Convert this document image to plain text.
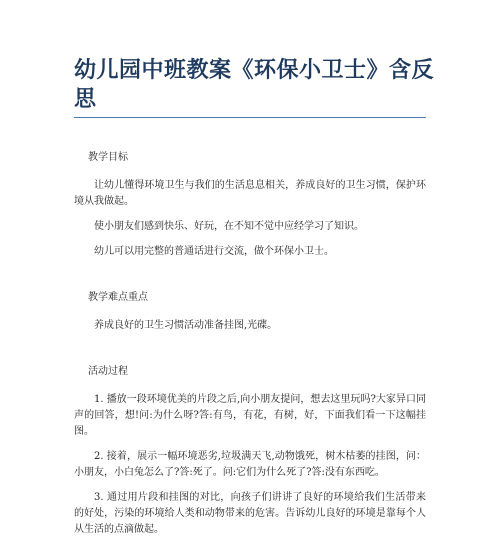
幼儿园中班教案《环保小卫士》含反思

教学目标

让幼儿懂得环境卫生与我们的生活息息相关，养成良好的卫生习惯，保护环境从我做起。

使小朋友们感到快乐、好玩，在不知不觉中应经学习了知识。

幼儿可以用完整的普通话进行交流，做个环保小卫士。

教学难点重点

养成良好的卫生习惯活动准备挂图,光碟。

活动过程

1. 播放一段环境优美的片段之后,向小朋友提问，想去这里玩吗?大家异口同声的回答，想!问:为什么呀?答:有鸟，有花，有树，好，下面我们看一下这幅挂图。

2. 接着，展示一幅环境恶劣,垃圾满天飞,动物饿死，树木枯萎的挂图，问：小朋友，小白兔怎么了?答:死了。问:它们为什么死了?答:没有东西吃。

3. 通过用片段和挂图的对比，向孩子们讲讲了良好的环境给我们生活带来的好处，污染的环境给人类和动物带来的危害。告诉幼儿良好的环境是靠每个人从生活的点滴做起。
